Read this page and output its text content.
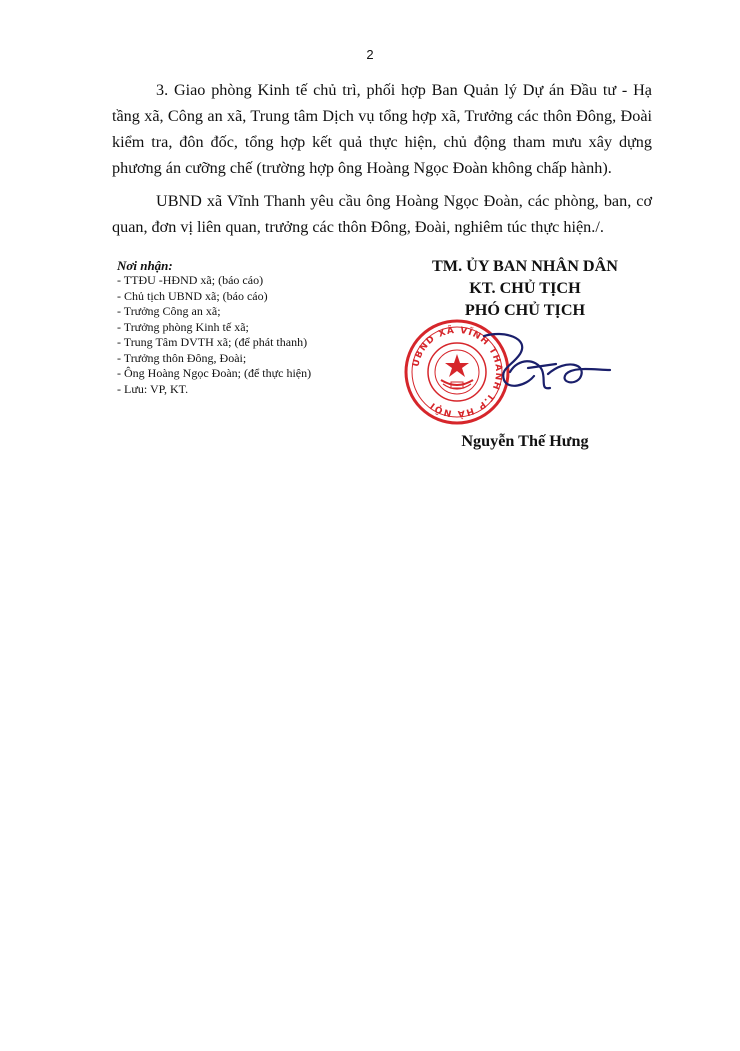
2

3. Giao phòng Kinh tế chủ trì, phối hợp Ban Quản lý Dự án Đầu tư - Hạ tầng xã, Công an xã, Trung tâm Dịch vụ tổng hợp xã, Trưởng các thôn Đông, Đoài kiểm tra, đôn đốc, tổng hợp kết quả thực hiện, chủ động tham mưu xây dựng phương án cưỡng chế (trường hợp ông Hoàng Ngọc Đoàn không chấp hành).

UBND xã Vĩnh Thanh yêu cầu ông Hoàng Ngọc Đoàn, các phòng, ban, cơ quan, đơn vị liên quan, trưởng các thôn Đông, Đoài, nghiêm túc thực hiện./.

Nơi nhận:
- TTĐU -HĐND xã; (báo cáo)
- Chủ tịch UBND xã; (báo cáo)
- Trưởng Công an xã;
- Trưởng phòng Kinh tế xã;
- Trung Tâm DVTH xã; (để phát thanh)
- Trưởng thôn Đông, Đoài;
- Ông Hoàng Ngọc Đoàn; (để thực hiện)
- Lưu: VP, KT.
TM. ỦY BAN NHÂN DÂN
KT. CHỦ TỊCH
PHÓ CHỦ TỊCH
UBND XÃ VĨNH THANH T.P HÀ NỘI
Nguyễn Thế Hưng
